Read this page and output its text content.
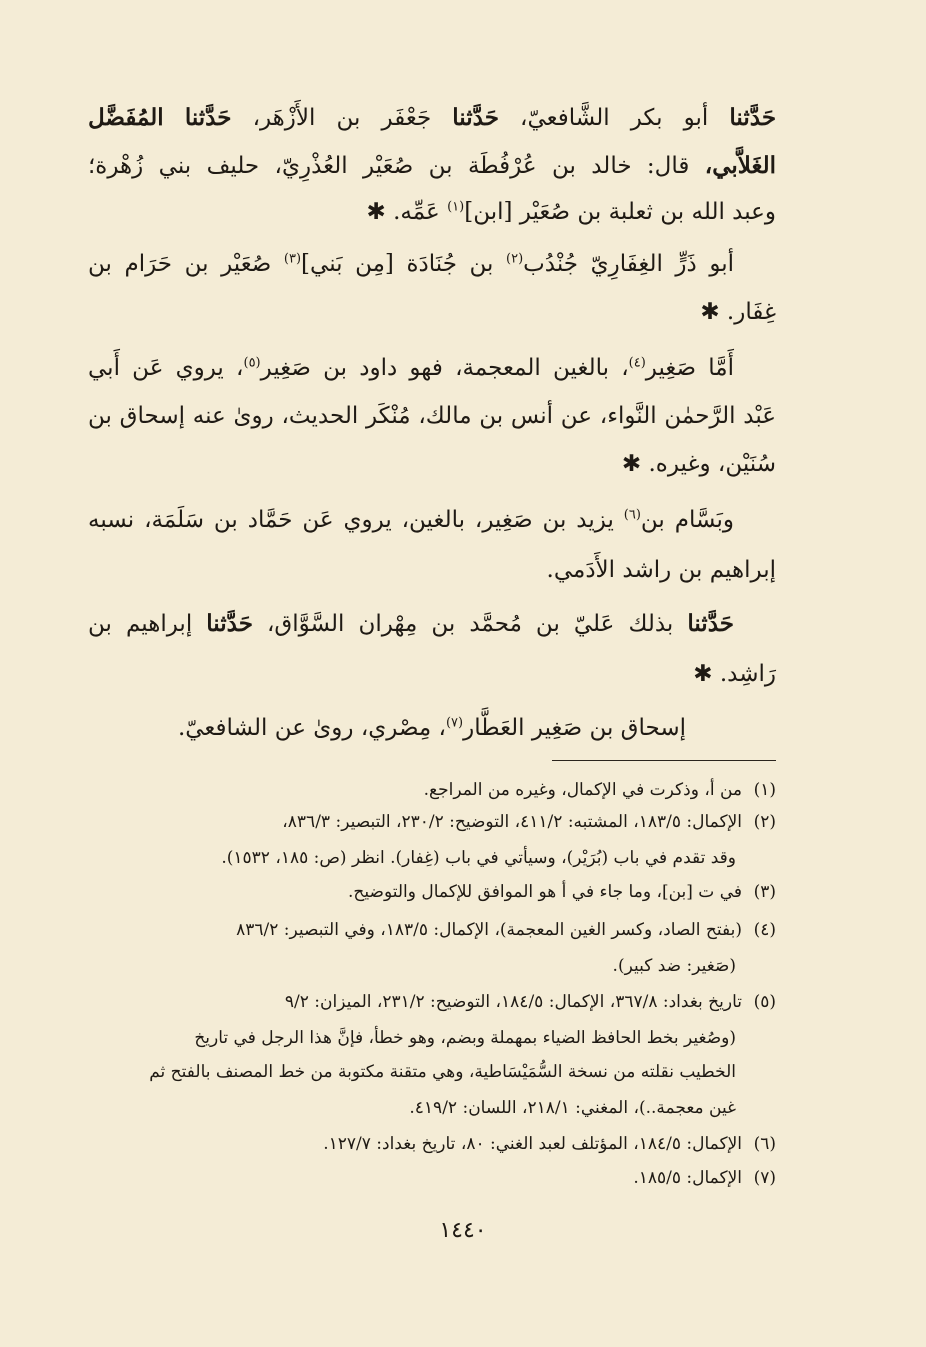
حَدَّثنا أبو بكر الشَّافعيّ، حَدَّثنا جَعْفَر بن الأَزْهَر، حَدَّثنا المُفَضَّل
الغَلاَّبي، قال: خالد بن عُرْفُطَة بن صُعَيْر العُذْرِيّ، حليف بني زُهْرة؛
وعبد الله بن ثعلبة بن صُعَيْر [ابن]$^{(١)}$ عَمِّه. ✱
أبو ذَرٍّ الغِفَارِيّ جُنْدُب$^{(٢)}$ بن جُنَادَة [مِن بَني]$^{(٣)}$ صُعَيْر بن حَرَام بن
غِفَار. ✱
أَمَّا صَغِير$^{(٤)}$، بالغين المعجمة، فهو داود بن صَغِير$^{(٥)}$، يروي عَن أَبي
عَبْد الرَّحمٰن النَّواء، عن أنس بن مالك، مُنْكَر الحديث، روىٰ عنه إسحاق بن
سُنَيْن، وغيره. ✱
وبَسَّام بن$^{(٦)}$ يزيد بن صَغِير، بالغين، يروي عَن حَمَّاد بن سَلَمَة، نسبه
إبراهيم بن راشد الأَدَمي.
حَدَّثنا بذلك عَليّ بن مُحمَّد بن مِهْران السَّوَّاق، حَدَّثنا إبراهيم بن
رَاشِد. ✱
إسحاق بن صَغِير العَطَّار$^{(٧)}$، مِصْري، روىٰ عن الشافعيّ.
(١)من أ، وذكرت في الإكمال، وغيره من المراجع.
(٢)الإكمال: ١٨٣/٥، المشتبه: ٤١١/٢، التوضيح: ٢٣٠/٢، التبصير: ٨٣٦/٣،
وقد تقدم في باب (بُرَيْر)، وسيأتي في باب (غِفار). انظر (ص: ١٨٥، ١٥٣٢).
(٣)في ت [بن]، وما جاء في أ هو الموافق للإكمال والتوضيح.
(٤)(بفتح الصاد، وكسر الغين المعجمة)، الإكمال: ١٨٣/٥، وفي التبصير: ٨٣٦/٢
(صَغير: ضد كبير).
(٥)تاريخ بغداد: ٣٦٧/٨، الإكمال: ١٨٤/٥، التوضيح: ٢٣١/٢، الميزان: ٩/٢
(وصُغير بخط الحافظ الضياء بمهملة وبضم، وهو خطأ، فإنَّ هذا الرجل في تاريخ
الخطيب نقلته من نسخة السُّمَيْسَاطية، وهي متقنة مكتوبة من خط المصنف بالفتح ثم
غين معجمة..)، المغني: ٢١٨/١، اللسان: ٤١٩/٢.
(٦)الإكمال: ١٨٤/٥، المؤتلف لعبد الغني: ٨٠، تاريخ بغداد: ١٢٧/٧.
(٧)الإكمال: ١٨٥/٥.
١٤٤٠
